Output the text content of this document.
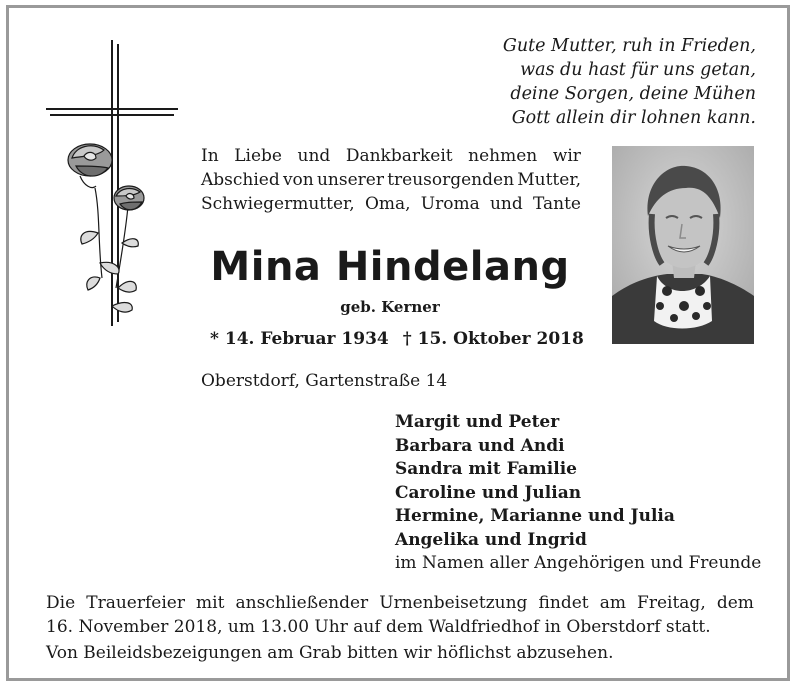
Gute Mutter, ruh in Frieden,
was du hast für uns getan,
deine Sorgen, deine Mühen
Gott allein dir lohnen kann.
In Liebe und Dankbarkeit nehmen wir
Abschied von unserer treusorgenden Mutter,
Schwiegermutter, Oma, Uroma und Tante
Mina Hindelang
geb. Kerner
* 14. Februar 1934 † 15. Oktober 2018
Oberstdorf, Gartenstraße 14
Margit und Peter
Barbara und Andi
Sandra mit Familie
Caroline und Julian
Hermine, Marianne und Julia
Angelika und Ingrid
im Namen aller Angehörigen und Freunde
Die Trauerfeier mit anschließender Urnenbeisetzung findet am Freitag, dem
16. November 2018, um 13.00 Uhr auf dem Waldfriedhof in Oberstdorf statt.
Von Beileidsbezeigungen am Grab bitten wir höflichst abzusehen.
